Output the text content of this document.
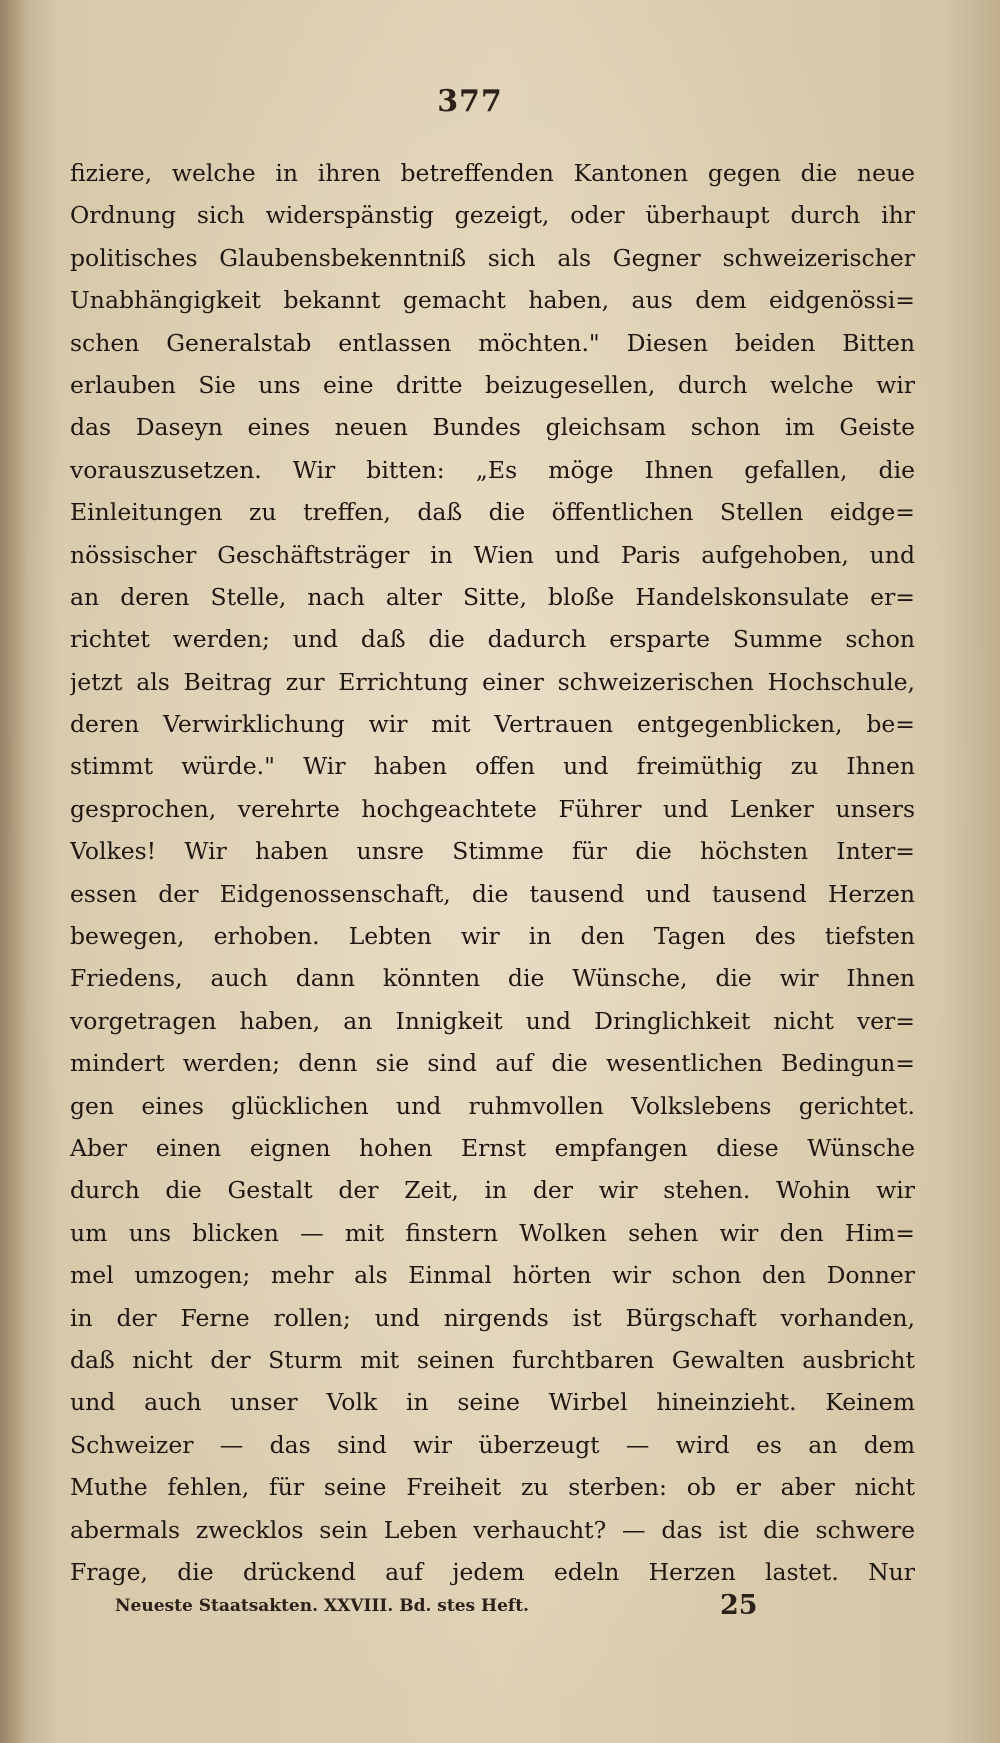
377
fiziere, welche in ihren betreffenden Kantonen gegen die neue
Ordnung sich widerspänstig gezeigt, oder überhaupt durch ihr
politisches Glaubensbekenntniß sich als Gegner schweizerischer
Unabhängigkeit bekannt gemacht haben, aus dem eidgenössi=
schen Generalstab entlassen möchten." Diesen beiden Bitten
erlauben Sie uns eine dritte beizugesellen, durch welche wir
das Daseyn eines neuen Bundes gleichsam schon im Geiste
vorauszusetzen. Wir bitten: „Es möge Ihnen gefallen, die
Einleitungen zu treffen, daß die öffentlichen Stellen eidge=
nössischer Geschäftsträger in Wien und Paris aufgehoben, und
an deren Stelle, nach alter Sitte, bloße Handelskonsulate er=
richtet werden; und daß die dadurch ersparte Summe schon
jetzt als Beitrag zur Errichtung einer schweizerischen Hochschule,
deren Verwirklichung wir mit Vertrauen entgegenblicken, be=
stimmt würde." Wir haben offen und freimüthig zu Ihnen
gesprochen, verehrte hochgeachtete Führer und Lenker unsers
Volkes! Wir haben unsre Stimme für die höchsten Inter=
essen der Eidgenossenschaft, die tausend und tausend Herzen
bewegen, erhoben. Lebten wir in den Tagen des tiefsten
Friedens, auch dann könnten die Wünsche, die wir Ihnen
vorgetragen haben, an Innigkeit und Dringlichkeit nicht ver=
mindert werden; denn sie sind auf die wesentlichen Bedingun=
gen eines glücklichen und ruhmvollen Volkslebens gerichtet.
Aber einen eignen hohen Ernst empfangen diese Wünsche
durch die Gestalt der Zeit, in der wir stehen. Wohin wir
um uns blicken — mit finstern Wolken sehen wir den Him=
mel umzogen; mehr als Einmal hörten wir schon den Donner
in der Ferne rollen; und nirgends ist Bürgschaft vorhanden,
daß nicht der Sturm mit seinen furchtbaren Gewalten ausbricht
und auch unser Volk in seine Wirbel hineinzieht. Keinem
Schweizer — das sind wir überzeugt — wird es an dem
Muthe fehlen, für seine Freiheit zu sterben: ob er aber nicht
abermals zwecklos sein Leben verhaucht? — das ist die schwere
Frage, die drückend auf jedem edeln Herzen lastet. Nur
Neueste Staatsakten. XXVIII. Bd. stes Heft.	25
